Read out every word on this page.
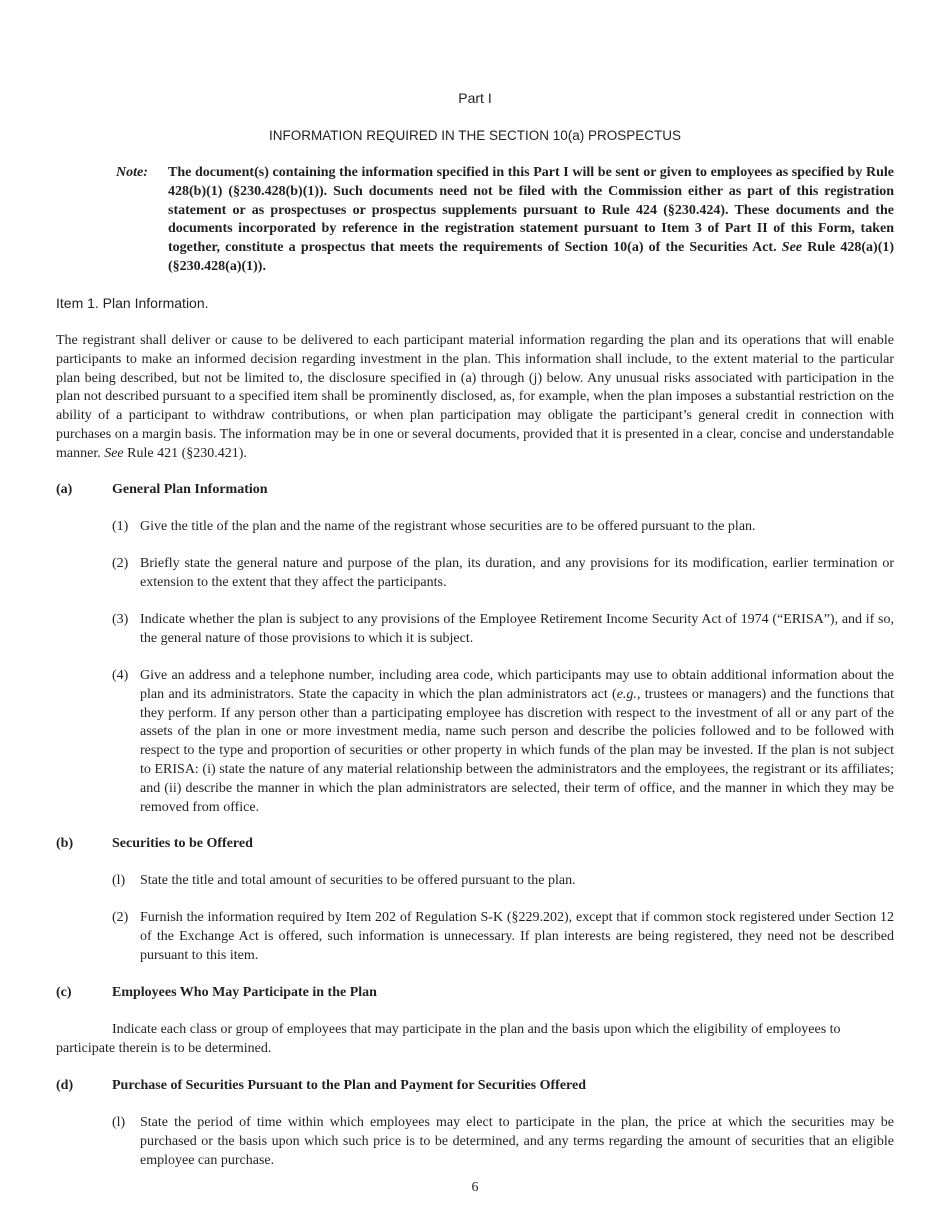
Part I
INFORMATION REQUIRED IN THE SECTION 10(a) PROSPECTUS
Note: The document(s) containing the information specified in this Part I will be sent or given to employees as specified by Rule 428(b)(1) (§230.428(b)(1)). Such documents need not be filed with the Commission either as part of this registration statement or as prospectuses or prospectus supplements pursuant to Rule 424 (§230.424). These documents and the documents incorporated by reference in the registration statement pursuant to Item 3 of Part II of this Form, taken together, constitute a prospectus that meets the requirements of Section 10(a) of the Securities Act. See Rule 428(a)(1) (§230.428(a)(1)).
Item 1. Plan Information.
The registrant shall deliver or cause to be delivered to each participant material information regarding the plan and its operations that will enable participants to make an informed decision regarding investment in the plan. This information shall include, to the extent material to the particular plan being described, but not be limited to, the disclosure specified in (a) through (j) below. Any unusual risks associated with participation in the plan not described pursuant to a specified item shall be prominently disclosed, as, for example, when the plan imposes a substantial restriction on the ability of a participant to withdraw contributions, or when plan participation may obligate the participant’s general credit in connection with purchases on a margin basis. The information may be in one or several documents, provided that it is presented in a clear, concise and understandable manner. See Rule 421 (§230.421).
(a)	General Plan Information
(1) Give the title of the plan and the name of the registrant whose securities are to be offered pursuant to the plan.
(2) Briefly state the general nature and purpose of the plan, its duration, and any provisions for its modification, earlier termination or extension to the extent that they affect the participants.
(3) Indicate whether the plan is subject to any provisions of the Employee Retirement Income Security Act of 1974 (“ERISA”), and if so, the general nature of those provisions to which it is subject.
(4) Give an address and a telephone number, including area code, which participants may use to obtain additional information about the plan and its administrators. State the capacity in which the plan administrators act (e.g., trustees or managers) and the functions that they perform. If any person other than a participating employee has discretion with respect to the investment of all or any part of the assets of the plan in one or more investment media, name such person and describe the policies followed and to be followed with respect to the type and proportion of securities or other property in which funds of the plan may be invested. If the plan is not subject to ERISA: (i) state the nature of any material relationship between the administrators and the employees, the registrant or its affiliates; and (ii) describe the manner in which the plan administrators are selected, their term of office, and the manner in which they may be removed from office.
(b)	Securities to be Offered
(l) State the title and total amount of securities to be offered pursuant to the plan.
(2) Furnish the information required by Item 202 of Regulation S-K (§229.202), except that if common stock registered under Section 12 of the Exchange Act is offered, such information is unnecessary. If plan interests are being registered, they need not be described pursuant to this item.
(c)	Employees Who May Participate in the Plan
Indicate each class or group of employees that may participate in the plan and the basis upon which the eligibility of employees to participate therein is to be determined.
(d)	Purchase of Securities Pursuant to the Plan and Payment for Securities Offered
(l) State the period of time within which employees may elect to participate in the plan, the price at which the securities may be purchased or the basis upon which such price is to be determined, and any terms regarding the amount of securities that an eligible employee can purchase.
6
